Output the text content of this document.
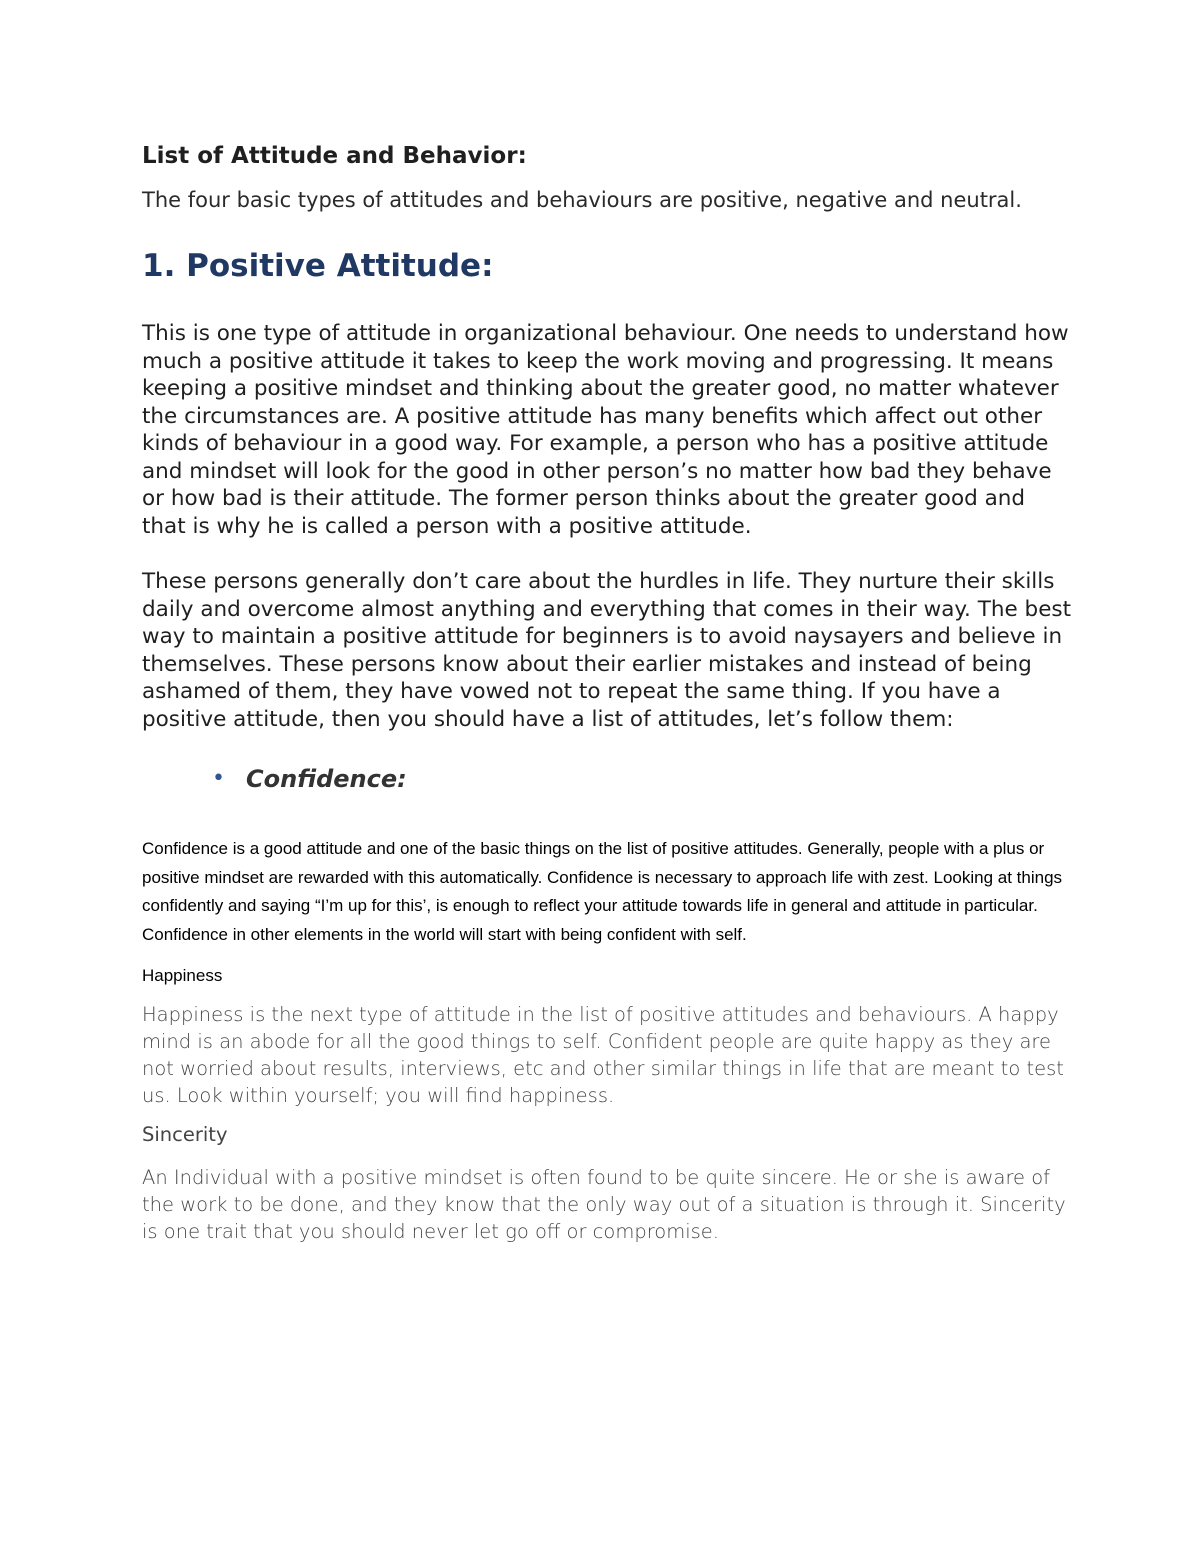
List of Attitude and Behavior:

The four basic types of attitudes and behaviours are positive, negative and neutral.

1. Positive Attitude:

This is one type of attitude in organizational behaviour. One needs to understand how much a positive attitude it takes to keep the work moving and progressing. It means keeping a positive mindset and thinking about the greater good, no matter whatever the circumstances are. A positive attitude has many benefits which affect out other kinds of behaviour in a good way. For example, a person who has a positive attitude and mindset will look for the good in other person’s no matter how bad they behave or how bad is their attitude. The former person thinks about the greater good and that is why he is called a person with a positive attitude.

These persons generally don’t care about the hurdles in life. They nurture their skills daily and overcome almost anything and everything that comes in their way. The best way to maintain a positive attitude for beginners is to avoid naysayers and believe in themselves. These persons know about their earlier mistakes and instead of being ashamed of them, they have vowed not to repeat the same thing. If you have a positive attitude, then you should have a list of attitudes, let’s follow them:

• Confidence:

Confidence is a good attitude and one of the basic things on the list of positive attitudes. Generally, people with a plus or positive mindset are rewarded with this automatically. Confidence is necessary to approach life with zest. Looking at things confidently and saying “I’m up for this’, is enough to reflect your attitude towards life in general and attitude in particular. Confidence in other elements in the world will start with being confident with self.

Happiness

Happiness is the next type of attitude in the list of positive attitudes and behaviours. A happy mind is an abode for all the good things to self. Confident people are quite happy as they are not worried about results, interviews, etc and other similar things in life that are meant to test us. Look within yourself; you will find happiness.

Sincerity

An Individual with a positive mindset is often found to be quite sincere. He or she is aware of the work to be done, and they know that the only way out of a situation is through it. Sincerity is one trait that you should never let go off or compromise.
